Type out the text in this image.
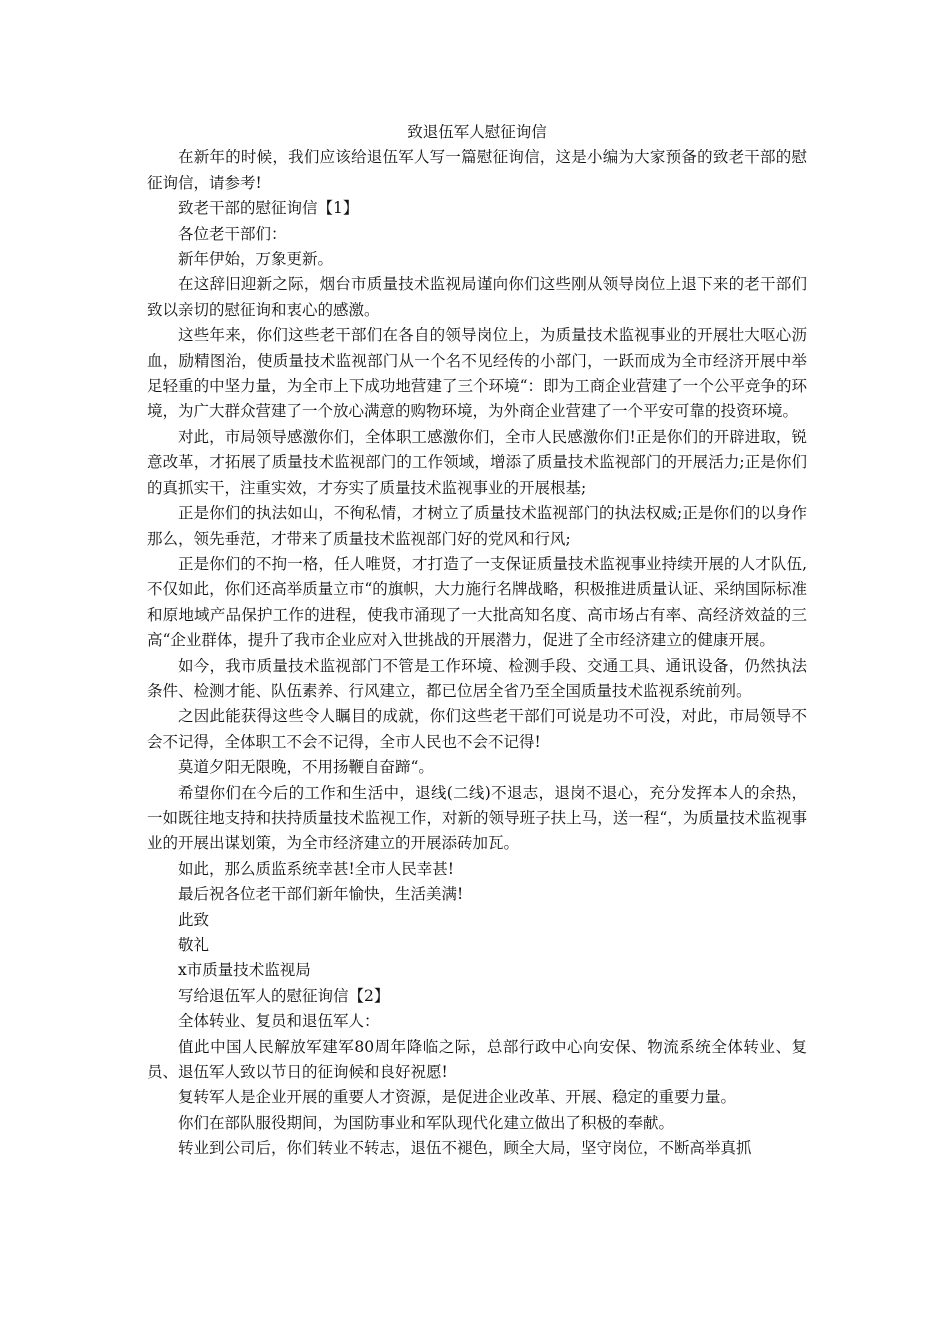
致退伍军人慰征询信

在新年的时候，我们应该给退伍军人写一篇慰征询信，这是小编为大家预备的致老干部的慰征询信，请参考!

致老干部的慰征询信【1】

各位老干部们：

新年伊始，万象更新。

在这辞旧迎新之际，烟台市质量技术监视局谨向你们这些刚从领导岗位上退下来的老干部们致以亲切的慰征询和衷心的感激。

这些年来，你们这些老干部们在各自的领导岗位上，为质量技术监视事业的开展壮大呕心沥血，励精图治，使质量技术监视部门从一个名不见经传的小部门，一跃而成为全市经济开展中举足轻重的中坚力量，为全市上下成功地营建了三个环境“：即为工商企业营建了一个公平竞争的环境，为广大群众营建了一个放心满意的购物环境，为外商企业营建了一个平安可靠的投资环境。

对此，市局领导感激你们，全体职工感激你们，全市人民感激你们!正是你们的开辟进取，锐意改革，才拓展了质量技术监视部门的工作领域，增添了质量技术监视部门的开展活力;正是你们的真抓实干，注重实效，才夯实了质量技术监视事业的开展根基;

正是你们的执法如山，不徇私情，才树立了质量技术监视部门的执法权威;正是你们的以身作那么，领先垂范，才带来了质量技术监视部门好的党风和行风;

正是你们的不拘一格，任人唯贤，才打造了一支保证质量技术监视事业持续开展的人才队伍,不仅如此，你们还高举质量立市“的旗帜，大力施行名牌战略，积极推进质量认证、采纳国际标准和原地域产品保护工作的进程，使我市涌现了一大批高知名度、高市场占有率、高经济效益的三高“企业群体，提升了我市企业应对入世挑战的开展潜力，促进了全市经济建立的健康开展。

如今，我市质量技术监视部门不管是工作环境、检测手段、交通工具、通讯设备，仍然执法条件、检测才能、队伍素养、行风建立，都已位居全省乃至全国质量技术监视系统前列。

之因此能获得这些令人瞩目的成就，你们这些老干部们可说是功不可没，对此，市局领导不会不记得，全体职工不会不记得，全市人民也不会不记得!

莫道夕阳无限晚，不用扬鞭自奋蹄“。

希望你们在今后的工作和生活中，退线(二线)不退志，退岗不退心，充分发挥本人的余热，一如既往地支持和扶持质量技术监视工作，对新的领导班子扶上马，送一程“，为质量技术监视事业的开展出谋划策，为全市经济建立的开展添砖加瓦。

如此，那么质监系统幸甚!全市人民幸甚!

最后祝各位老干部们新年愉快，生活美满!

此致

敬礼

x市质量技术监视局

写给退伍军人的慰征询信【2】

全体转业、复员和退伍军人：

值此中国人民解放军建军80周年降临之际，总部行政中心向安保、物流系统全体转业、复员、退伍军人致以节日的征询候和良好祝愿!

复转军人是企业开展的重要人才资源，是促进企业改革、开展、稳定的重要力量。

你们在部队服役期间，为国防事业和军队现代化建立做出了积极的奉献。

转业到公司后，你们转业不转志，退伍不褪色，顾全大局，坚守岗位，不断高举真抓
